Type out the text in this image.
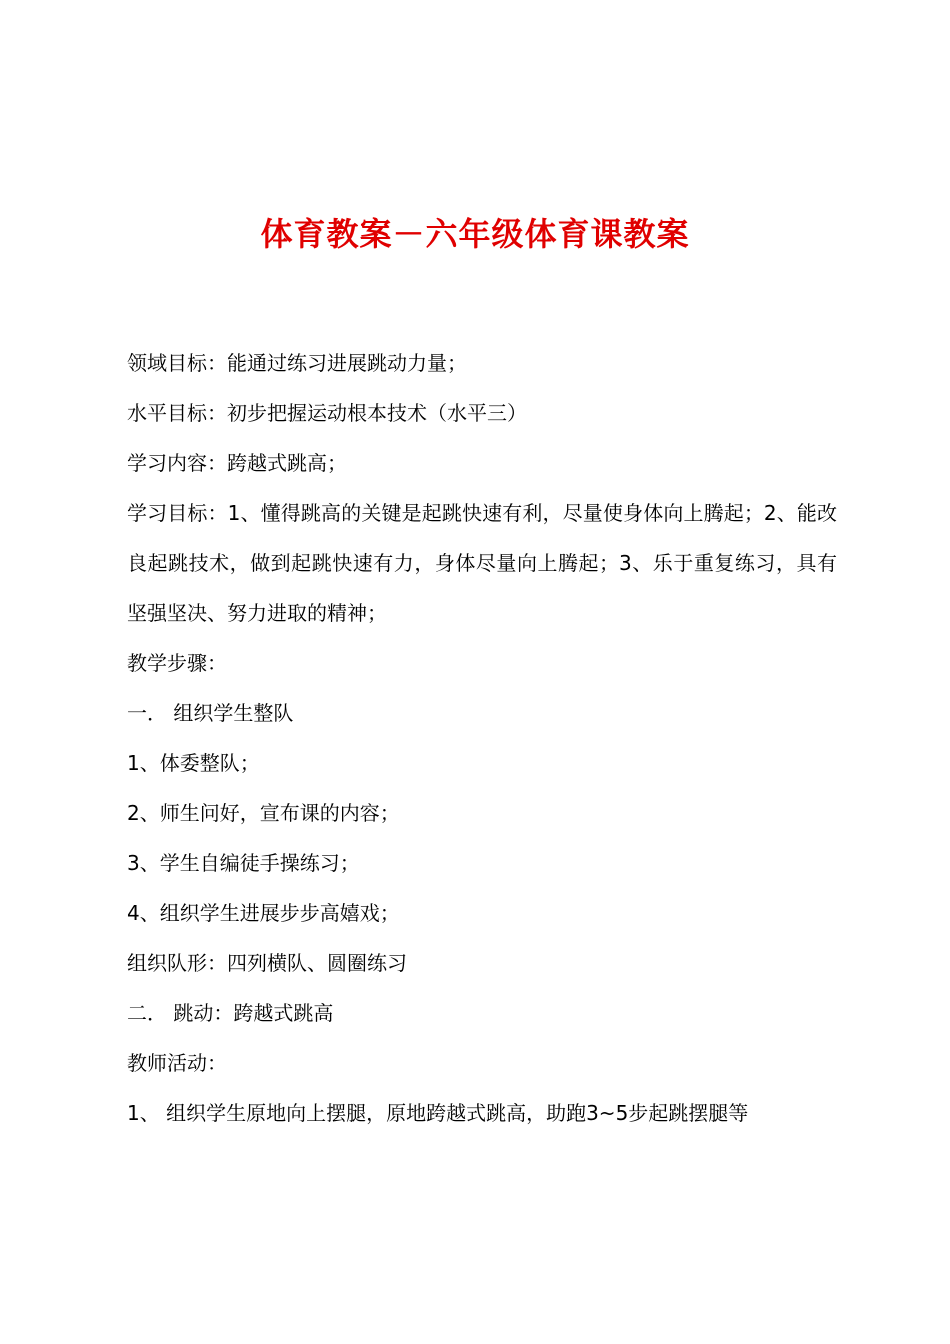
体育教案－六年级体育课教案
领域目标：能通过练习进展跳动力量；
水平目标：初步把握运动根本技术（水平三）
学习内容：跨越式跳高；
学习目标：1、懂得跳高的关键是起跳快速有利，尽量使身体向上腾起；2、能改良起跳技术，做到起跳快速有力，身体尽量向上腾起；3、乐于重复练习，具有坚强坚决、努力进取的精神；
教学步骤：
一． 组织学生整队
1、体委整队；
2、师生问好，宣布课的内容；
3、学生自编徒手操练习；
4、组织学生进展步步高嬉戏；
组织队形：四列横队、圆圈练习
二． 跳动：跨越式跳高
教师活动：
1、 组织学生原地向上摆腿，原地跨越式跳高，助跑3~5步起跳摆腿等
